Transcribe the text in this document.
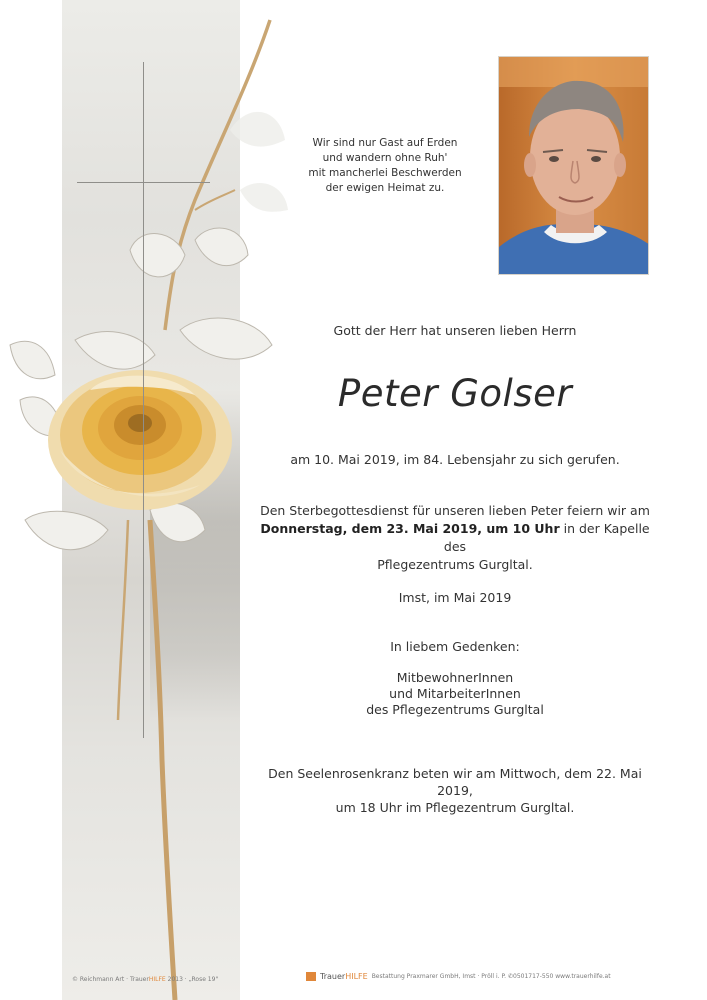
Wir sind nur Gast auf Erden
und wandern ohne Ruh'
mit mancherlei Beschwerden
der ewigen Heimat zu.
Gott der Herr hat unseren lieben Herrn
Peter Golser
am 10. Mai 2019, im 84. Lebensjahr zu sich gerufen.
Den Sterbegottesdienst für unseren lieben Peter feiern wir am
Donnerstag, dem 23. Mai 2019, um 10 Uhr in der Kapelle des
Pflegezentrums Gurgltal.
Imst, im Mai 2019
In liebem Gedenken:
MitbewohnerInnen
und MitarbeiterInnen
des Pflegezentrums Gurgltal
Den Seelenrosenkranz beten wir am Mittwoch, dem 22. Mai 2019,
um 18 Uhr im Pflegezentrum Gurgltal.
© Reichmann Art · TrauerHILFE 2013 · „Rose 19"	TrauerHILFE Bestattung Praxmarer GmbH, Imst · Pröll i. P. ✆0501717-550 www.trauerhilfe.at
